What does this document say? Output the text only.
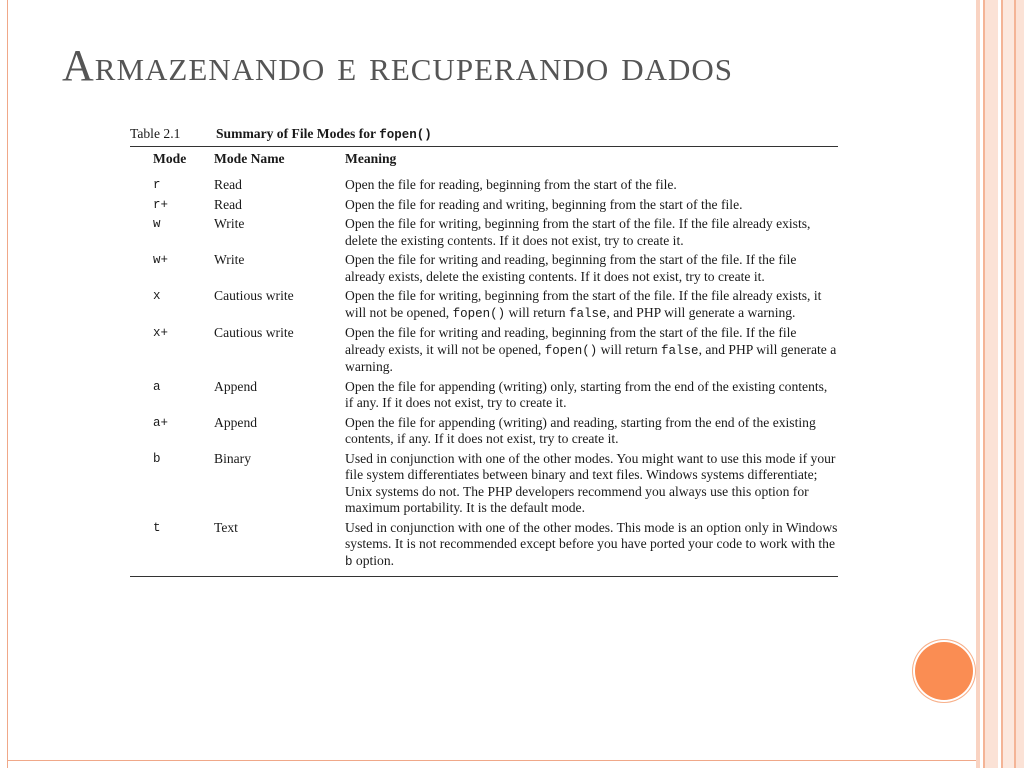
Armazenando e recuperando dados
Table 2.1	Summary of File Modes for fopen()
Mode	Mode Name	Meaning
r	Read	Open the file for reading, beginning from the start of the file.
r+	Read	Open the file for reading and writing, beginning from the start of the file.
w	Write	Open the file for writing, beginning from the start of the file. If the file already exists, delete the existing contents. If it does not exist, try to create it.
w+	Write	Open the file for writing and reading, beginning from the start of the file. If the file already exists, delete the existing contents. If it does not exist, try to create it.
x	Cautious write	Open the file for writing, beginning from the start of the file. If the file already exists, it will not be opened, fopen() will return false, and PHP will generate a warning.
x+	Cautious write	Open the file for writing and reading, beginning from the start of the file. If the file already exists, it will not be opened, fopen() will return false, and PHP will generate a warning.
a	Append	Open the file for appending (writing) only, starting from the end of the existing contents, if any. If it does not exist, try to create it.
a+	Append	Open the file for appending (writing) and reading, starting from the end of the existing contents, if any. If it does not exist, try to create it.
b	Binary	Used in conjunction with one of the other modes. You might want to use this mode if your file system differentiates between binary and text files. Windows systems differentiate; Unix systems do not. The PHP developers recommend you always use this option for maximum portability. It is the default mode.
t	Text	Used in conjunction with one of the other modes. This mode is an option only in Windows systems. It is not recommended except before you have ported your code to work with the b option.
